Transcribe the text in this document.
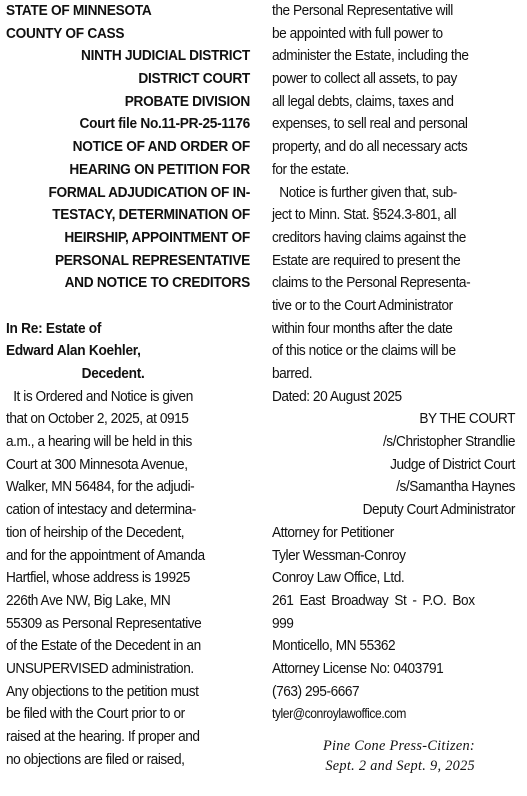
STATE OF MINNESOTA
COUNTY OF CASS
NINTH JUDICIAL DISTRICT
DISTRICT COURT
PROBATE DIVISION
Court file No.11-PR-25-1176
NOTICE OF AND ORDER OF
HEARING ON PETITION FOR
FORMAL ADJUDICATION OF IN-
TESTACY, DETERMINATION OF
HEIRSHIP, APPOINTMENT OF
PERSONAL REPRESENTATIVE
AND NOTICE TO CREDITORS
In Re: Estate of
Edward Alan Koehler,
Decedent.
It is Ordered and Notice is given
that on October 2, 2025, at 0915
a.m., a hearing will be held in this
Court at 300 Minnesota Avenue,
Walker, MN 56484, for the adjudi-
cation of intestacy and determina-
tion of heirship of the Decedent,
and for the appointment of Amanda
Hartfiel, whose address is 19925
226th Ave NW, Big Lake, MN
55309 as Personal Representative
of the Estate of the Decedent in an
UNSUPERVISED administration.
Any objections to the petition must
be filed with the Court prior to or
raised at the hearing. If proper and
no objections are filed or raised,
the Personal Representative will
be appointed with full power to
administer the Estate, including the
power to collect all assets, to pay
all legal debts, claims, taxes and
expenses, to sell real and personal
property, and do all necessary acts
for the estate.
Notice is further given that, sub-
ject to Minn. Stat. §524.3-801, all
creditors having claims against the
Estate are required to present the
claims to the Personal Representa-
tive or to the Court Administrator
within four months after the date
of this notice or the claims will be
barred.
Dated: 20 August 2025
BY THE COURT
/s/Christopher Strandlie
Judge of District Court
/s/Samantha Haynes
Deputy Court Administrator
Attorney for Petitioner
Tyler Wessman-Conroy
Conroy Law Office, Ltd.
261 East Broadway St - P.O. Box
999
Monticello, MN 55362
Attorney License No: 0403791
(763) 295-6667
tyler@conroylawoffice.com
Pine Cone Press-Citizen:
Sept. 2 and Sept. 9, 2025
